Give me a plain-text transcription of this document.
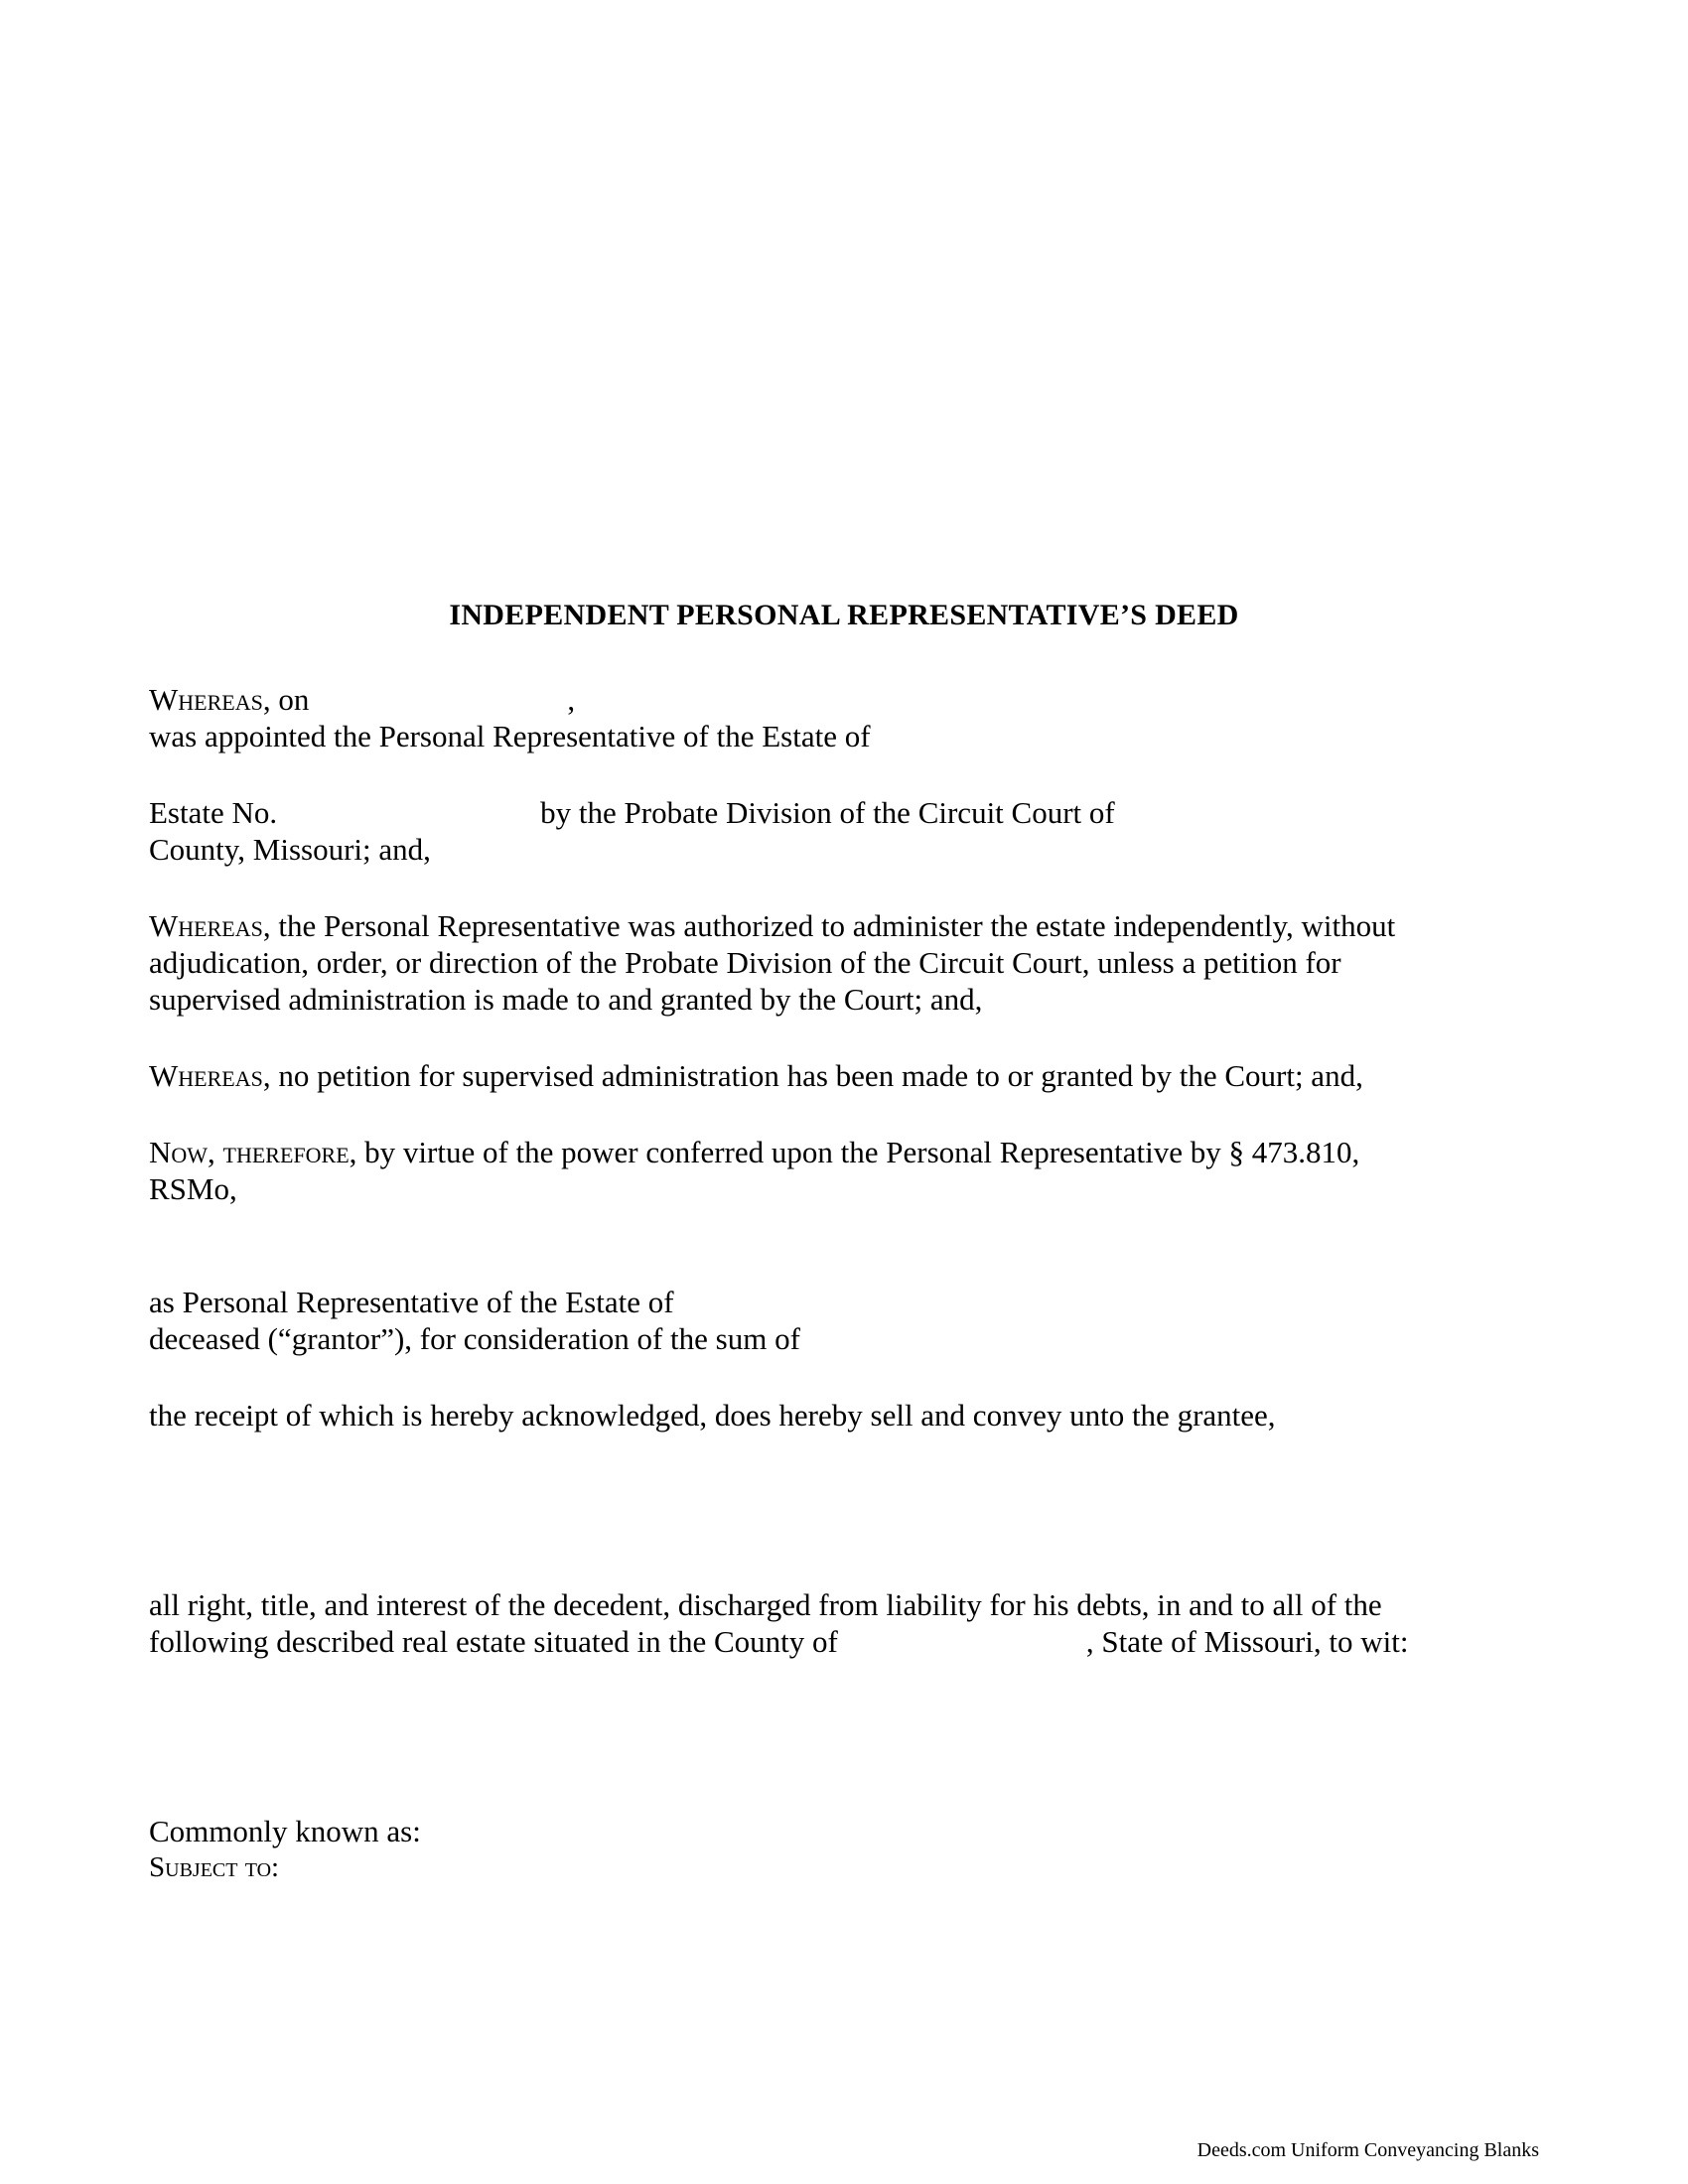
INDEPENDENT PERSONAL REPRESENTATIVE’S DEED
Whereas, on	,
was appointed the Personal Representative of the Estate of
Estate No.	by the Probate Division of the Circuit Court of
County, Missouri; and,
Whereas, the Personal Representative was authorized to administer the estate independently, without
adjudication, order, or direction of the Probate Division of the Circuit Court, unless a petition for
supervised administration is made to and granted by the Court; and,
Whereas, no petition for supervised administration has been made to or granted by the Court; and,
Now, therefore, by virtue of the power conferred upon the Personal Representative by § 473.810,
RSMo,
as Personal Representative of the Estate of
deceased (“grantor”), for consideration of the sum of
the receipt of which is hereby acknowledged, does hereby sell and convey unto the grantee,
all right, title, and interest of the decedent, discharged from liability for his debts, in and to all of the
following described real estate situated in the County of	, State of Missouri, to wit:
Commonly known as:
Subject to:
Deeds.com Uniform Conveyancing Blanks
